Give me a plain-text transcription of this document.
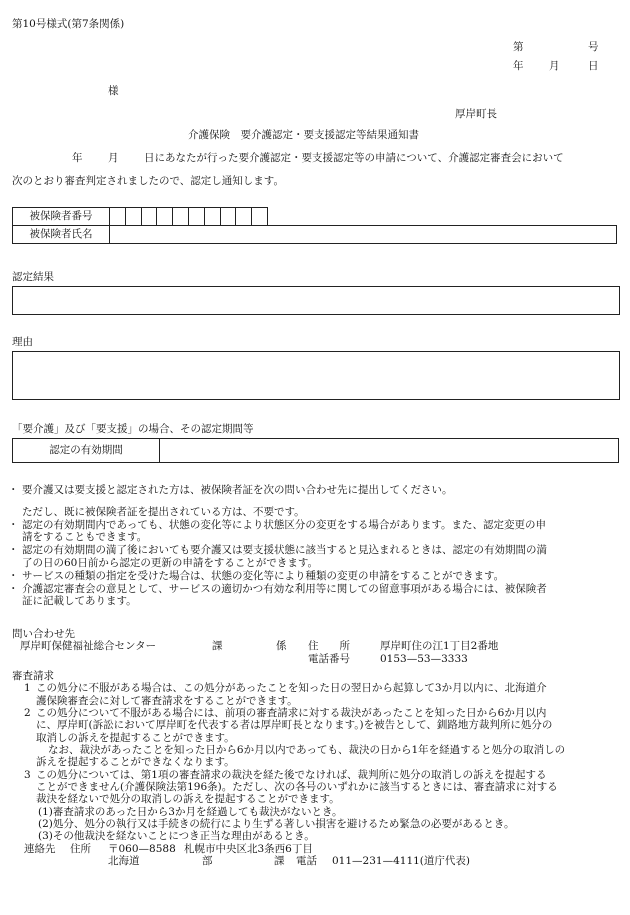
第10号様式(第7条関係)
第	号
年 月	日
様
厚岸町長
介護保険　要介護認定・要支援認定等結果通知書
年 月 日にあなたが行った要介護認定・要支援認定等の申請について、介護認定審査会において
次のとおり審査判定されましたので、認定し通知します。
被保険者番号											
被保険者氏名											
認定結果
理由
「要介護」及び「要支援」の場合、その認定期間等
認定の有効期間	

・ 要介護又は要支援と認定された方は、被保険者証を次の問い合わせ先に提出してください。

ただし、既に被保険者証を提出されている方は、不要です。

・ 認定の有効期間内であっても、状態の変化等により状態区分の変更をする場合があります。また、認定変更の申
請をすることもできます。

・ 認定の有効期間の満了後においても要介護又は要支援状態に該当すると見込まれるときは、認定の有効期間の満
了の日の60日前から認定の更新の申請をすることができます。

・ サービスの種類の指定を受けた場合は、状態の変化等により種類の変更の申請をすることができます。

・ 介護認定審査会の意見として、サービスの適切かつ有効な利用等に関しての留意事項がある場合には、被保険者
証に記載してあります。

問い合わせ先
厚岸町保健福祉総合センター	課	係 住　　所	厚岸町住の江1丁目2番地
電話番号	0153—53—3333

審査請求

1 この処分に不服がある場合は、この処分があったことを知った日の翌日から起算して3か月以内に、北海道介

護保険審査会に対して審査請求をすることができます。

2 この処分について不服がある場合には、前項の審査請求に対する裁決があったことを知った日から6か月以内

に、厚岸町(訴訟において厚岸町を代表する者は厚岸町長となります。)を被告として、釧路地方裁判所に処分の

取消しの訴えを提起することができます。

なお、裁決があったことを知った日から6か月以内であっても、裁決の日から1年を経過すると処分の取消しの

訴えを提起することができなくなります。

3 この処分については、第1項の審査請求の裁決を経た後でなければ、裁判所に処分の取消しの訴えを提起する

ことができません(介護保険法第196条)。ただし、次の各号のいずれかに該当するときには、審査請求に対する

裁決を経ないで処分の取消しの訴えを提起することができます。

(1)審査請求のあった日から3か月を経過しても裁決がないとき。

(2)処分、処分の執行又は手続きの続行により生ずる著しい損害を避けるため緊急の必要があるとき。

(3)その他裁決を経ないことにつき正当な理由があるとき。

連絡先 住所 〒060—8588 札幌市中央区北3条西6丁目
北海道	部	課 電話 011—231—4111(道庁代表)
